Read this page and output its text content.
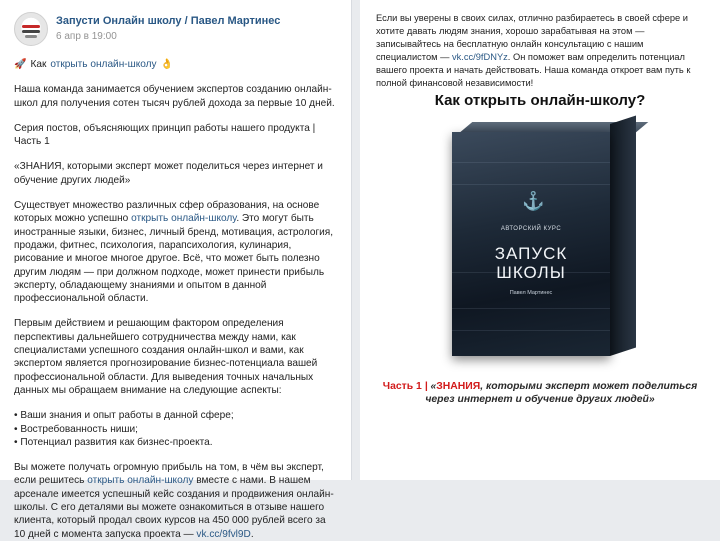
Запусти Онлайн школу / Павел Мартинес
6 апр в 19:00
🚀 Как открыть онлайн-школу 👌

Наша команда занимается обучением экспертов созданию онлайн-школ для получения сотен тысяч рублей дохода за первые 10 дней.

Серия постов, объясняющих принцип работы нашего продукта | Часть 1

«ЗНАНИЯ, которыми эксперт может поделиться через интернет и обучение других людей»

Существует множество различных сфер образования, на основе которых можно успешно открыть онлайн-школу. Это могут быть иностранные языки, бизнес, личный бренд, мотивация, астрология, продажи, фитнес, психология, парапсихология, кулинария, рисование и многое многое другое. Всё, что может быть полезно другим людям — при должном подходе, может принести прибыль эксперту, обладающему знаниями и опытом в данной профессиональной области.

Первым действием и решающим фактором определения перспективы дальнейшего сотрудничества между нами, как специалистами успешного создания онлайн-школ и вами, как экспертом является прогнозирование бизнес-потенциала вашей профессиональной области. Для выведения точных начальных данных мы обращаем внимание на следующие аспекты:

• Ваши знания и опыт работы в данной сфере;

• Востребованность ниши;

• Потенциал развития как бизнес-проекта.

Вы можете получать огромную прибыль на том, в чём вы эксперт, если решитесь открыть онлайн-школу вместе с нами. В нашем арсенале имеется успешный кейс создания и продвижения онлайн-школы. С его деталями вы можете ознакомиться в отзыве нашего клиента, который продал своих курсов на 450 000 рублей всего за 10 дней с момента запуска проекта — vk.cc/9fvl9D.

Если вы уверены в своих силах, отлично разбираетесь в своей сфере и хотите давать людям знания, хорошо зарабатывая на этом — записывайтесь на бесплатную онлайн консультацию с нашим специалистом — vk.cc/9fDNYz. Он поможет вам определить потенциал вашего проекта и начать действовать. Наша команда откроет вам путь к полной финансовой независимости!
Как открыть онлайн-школу?
⚓
АВТОРСКИЙ КУРС
ЗАПУСК
ШКОЛЫ
Павел Мартинес
Часть 1 | «ЗНАНИЯ, которыми эксперт может поделиться через интернет и обучение других людей»
